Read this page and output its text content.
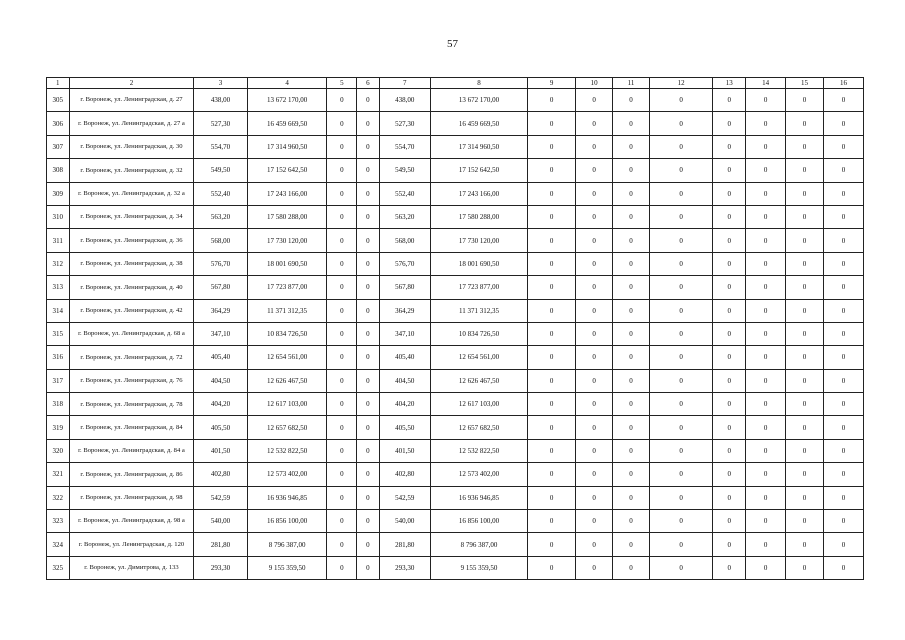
57
1	2	3	4	5	6	7	8	9	10	11	12	13	14	15	16
305	г. Воронеж, ул. Ленинградская, д. 27	438,00	13 672 170,00	0	0	438,00	13 672 170,00	0	0	0	0	0	0	0	0
306	г. Воронеж, ул. Ленинградская, д. 27 а	527,30	16 459 669,50	0	0	527,30	16 459 669,50	0	0	0	0	0	0	0	0
307	г. Воронеж, ул. Ленинградская, д. 30	554,70	17 314 960,50	0	0	554,70	17 314 960,50	0	0	0	0	0	0	0	0
308	г. Воронеж, ул. Ленинградская, д. 32	549,50	17 152 642,50	0	0	549,50	17 152 642,50	0	0	0	0	0	0	0	0
309	г. Воронеж, ул. Ленинградская, д. 32 а	552,40	17 243 166,00	0	0	552,40	17 243 166,00	0	0	0	0	0	0	0	0
310	г. Воронеж, ул. Ленинградская, д. 34	563,20	17 580 288,00	0	0	563,20	17 580 288,00	0	0	0	0	0	0	0	0
311	г. Воронеж, ул. Ленинградская, д. 36	568,00	17 730 120,00	0	0	568,00	17 730 120,00	0	0	0	0	0	0	0	0
312	г. Воронеж, ул. Ленинградская, д. 38	576,70	18 001 690,50	0	0	576,70	18 001 690,50	0	0	0	0	0	0	0	0
313	г. Воронеж, ул. Ленинградская, д. 40	567,80	17 723 877,00	0	0	567,80	17 723 877,00	0	0	0	0	0	0	0	0
314	г. Воронеж, ул. Ленинградская, д. 42	364,29	11 371 312,35	0	0	364,29	11 371 312,35	0	0	0	0	0	0	0	0
315	г. Воронеж, ул. Ленинградская, д. 68 а	347,10	10 834 726,50	0	0	347,10	10 834 726,50	0	0	0	0	0	0	0	0
316	г. Воронеж, ул. Ленинградская, д. 72	405,40	12 654 561,00	0	0	405,40	12 654 561,00	0	0	0	0	0	0	0	0
317	г. Воронеж, ул. Ленинградская, д. 76	404,50	12 626 467,50	0	0	404,50	12 626 467,50	0	0	0	0	0	0	0	0
318	г. Воронеж, ул. Ленинградская, д. 78	404,20	12 617 103,00	0	0	404,20	12 617 103,00	0	0	0	0	0	0	0	0
319	г. Воронеж, ул. Ленинградская, д. 84	405,50	12 657 682,50	0	0	405,50	12 657 682,50	0	0	0	0	0	0	0	0
320	г. Воронеж, ул. Ленинградская, д. 84 а	401,50	12 532 822,50	0	0	401,50	12 532 822,50	0	0	0	0	0	0	0	0
321	г. Воронеж, ул. Ленинградская, д. 86	402,80	12 573 402,00	0	0	402,80	12 573 402,00	0	0	0	0	0	0	0	0
322	г. Воронеж, ул. Ленинградская, д. 98	542,59	16 936 946,85	0	0	542,59	16 936 946,85	0	0	0	0	0	0	0	0
323	г. Воронеж, ул. Ленинградская, д. 98 а	540,00	16 856 100,00	0	0	540,00	16 856 100,00	0	0	0	0	0	0	0	0
324	г. Воронеж, ул. Ленинградская, д. 120	281,80	8 796 387,00	0	0	281,80	8 796 387,00	0	0	0	0	0	0	0	0
325	г. Воронеж, ул. Димитрова, д. 133	293,30	9 155 359,50	0	0	293,30	9 155 359,50	0	0	0	0	0	0	0	0
